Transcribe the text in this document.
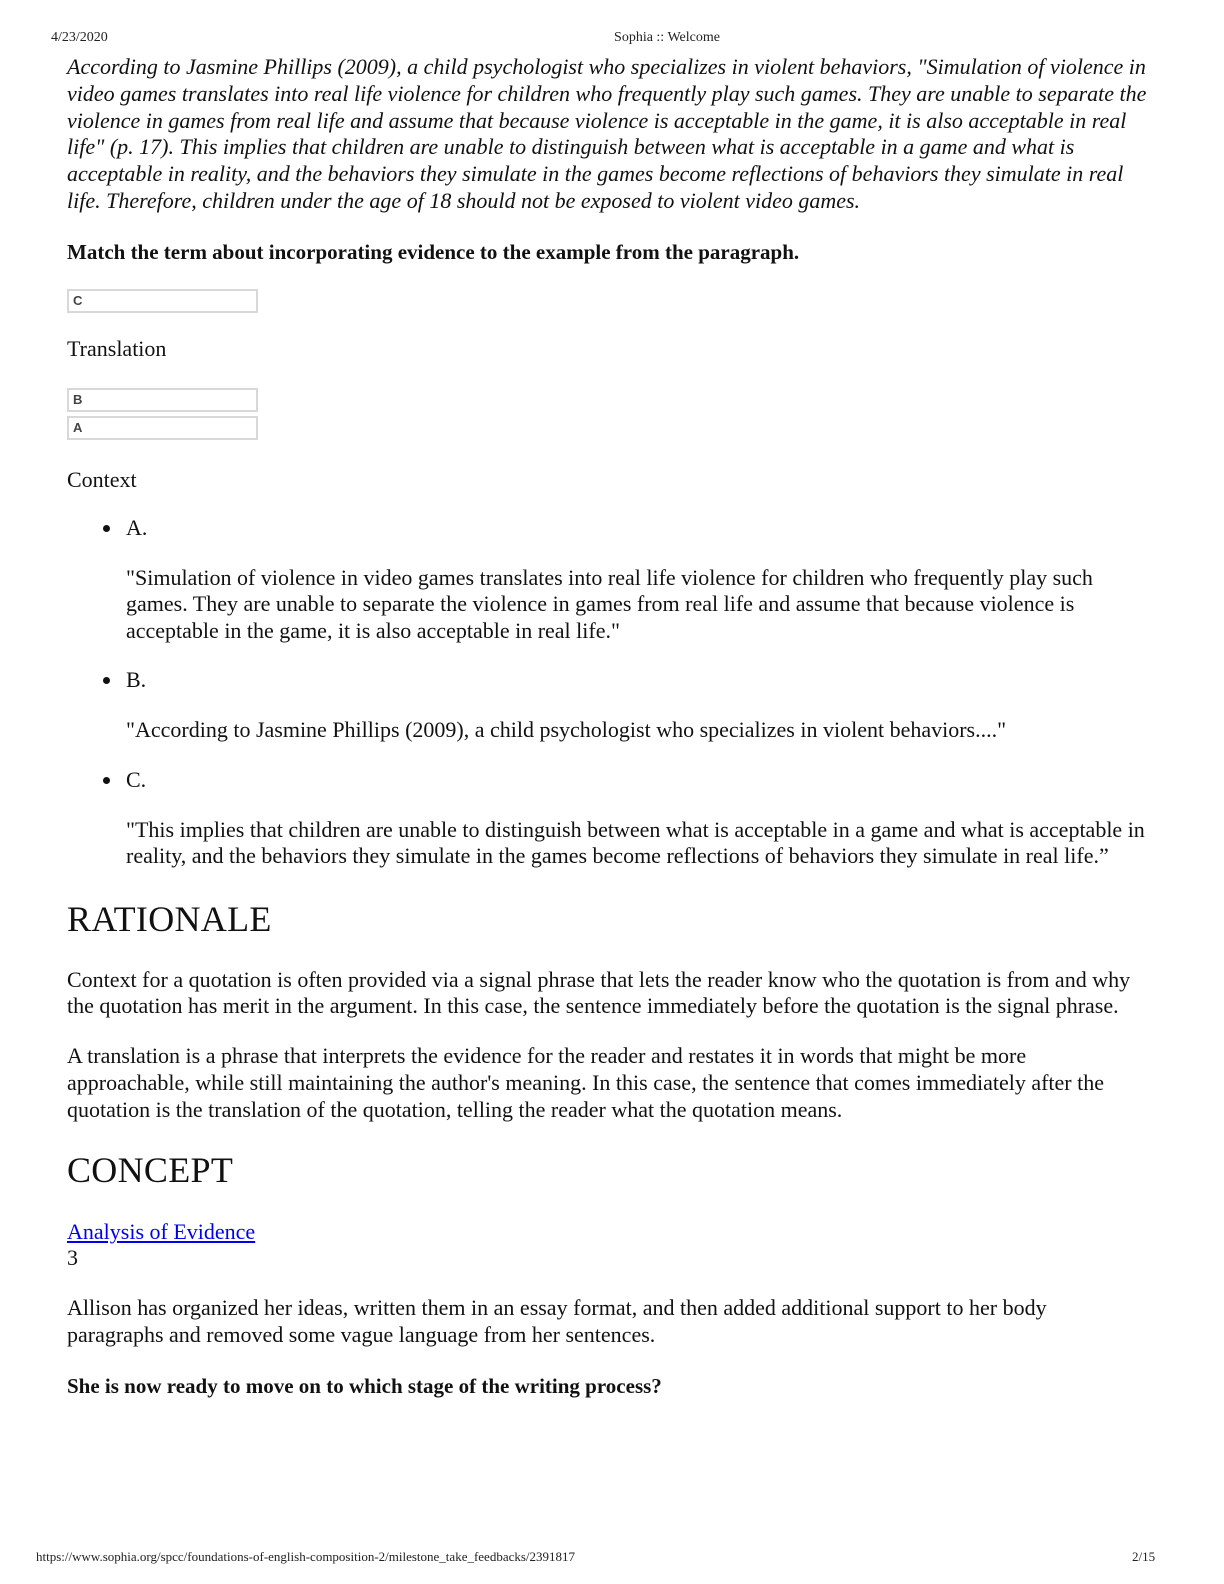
4/23/2020	Sophia :: Welcome

According to Jasmine Phillips (2009), a child psychologist who specializes in violent behaviors, "Simulation of violence in video games translates into real life violence for children who frequently play such games. They are unable to separate the violence in games from real life and assume that because violence is acceptable in the game, it is also acceptable in real life" (p. 17). This implies that children are unable to distinguish between what is acceptable in a game and what is acceptable in reality, and the behaviors they simulate in the games become reflections of behaviors they simulate in real life. Therefore, children under the age of 18 should not be exposed to violent video games.

Match the term about incorporating evidence to the example from the paragraph.

C

Translation

B
A

Context

A.

"Simulation of violence in video games translates into real life violence for children who frequently play such games. They are unable to separate the violence in games from real life and assume that because violence is acceptable in the game, it is also acceptable in real life."

B.

"According to Jasmine Phillips (2009), a child psychologist who specializes in violent behaviors...."

C.

"This implies that children are unable to distinguish between what is acceptable in a game and what is acceptable in reality, and the behaviors they simulate in the games become reflections of behaviors they simulate in real life.”

RATIONALE

Context for a quotation is often provided via a signal phrase that lets the reader know who the quotation is from and why the quotation has merit in the argument. In this case, the sentence immediately before the quotation is the signal phrase.

A translation is a phrase that interprets the evidence for the reader and restates it in words that might be more approachable, while still maintaining the author's meaning. In this case, the sentence that comes immediately after the quotation is the translation of the quotation, telling the reader what the quotation means.

CONCEPT
Analysis of Evidence

3

Allison has organized her ideas, written them in an essay format, and then added additional support to her body paragraphs and removed some vague language from her sentences.

She is now ready to move on to which stage of the writing process?

https://www.sophia.org/spcc/foundations-of-english-composition-2/milestone_take_feedbacks/2391817	2/15
